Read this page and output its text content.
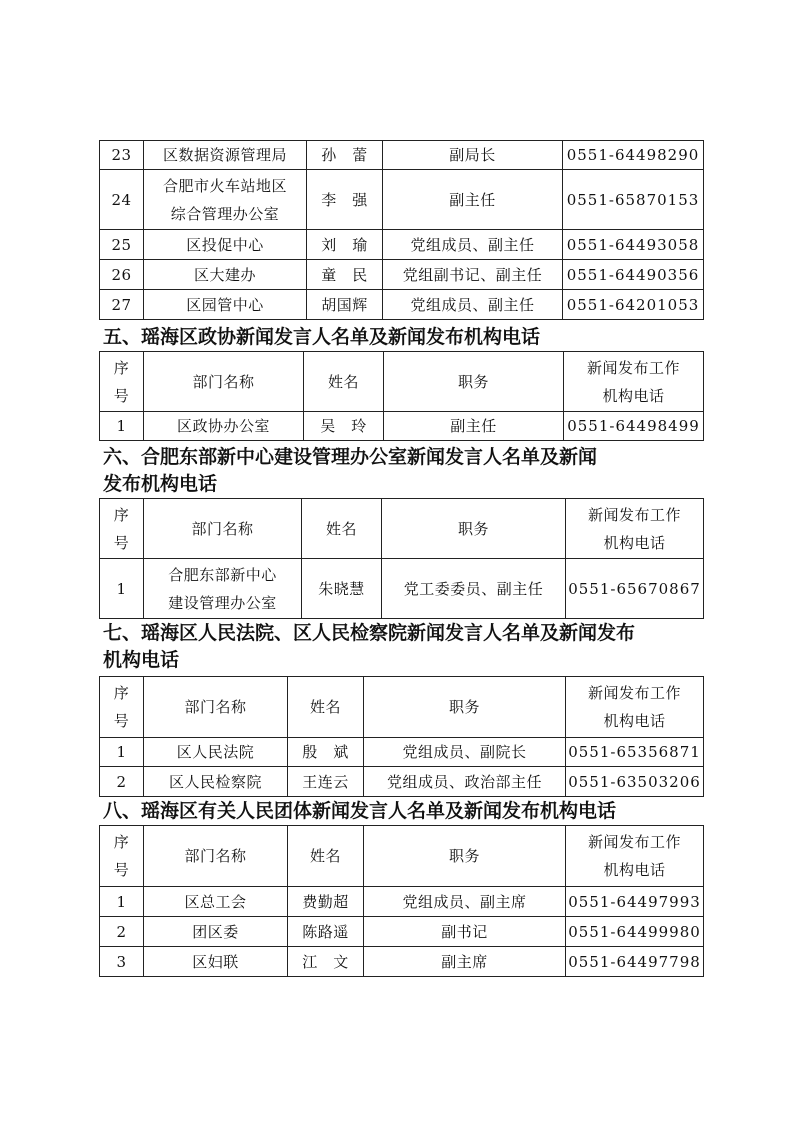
23	区数据资源管理局	孙　蕾	副局长	0551-64498290
24	合肥市火车站地区
综合管理办公室	李　强	副主任	0551-65870153
25	区投促中心	刘　瑜	党组成员、副主任	0551-64493058
26	区大建办	童　民	党组副书记、副主任	0551-64490356
27	区园管中心	胡国辉	党组成员、副主任	0551-64201053
五、瑶海区政协新闻发言人名单及新闻发布机构电话
序
号	部门名称	姓名	职务	新闻发布工作
机构电话

1	区政协办公室	吴　玲	副主任	0551-64498499
六、合肥东部新中心建设管理办公室新闻发言人名单及新闻
发布机构电话
序
号	部门名称	姓名	职务	新闻发布工作
机构电话

1	合肥东部新中心
建设管理办公室	朱晓慧	党工委委员、副主任	0551-65670867
七、瑶海区人民法院、区人民检察院新闻发言人名单及新闻发布
机构电话
序
号	部门名称	姓名	职务	新闻发布工作
机构电话

1	区人民法院	殷　斌	党组成员、副院长	0551-65356871
2	区人民检察院	王连云	党组成员、政治部主任	0551-63503206
八、瑶海区有关人民团体新闻发言人名单及新闻发布机构电话
序
号	部门名称	姓名	职务	新闻发布工作
机构电话

1	区总工会	费勤超	党组成员、副主席	0551-64497993
2	团区委	陈路遥	副书记	0551-64499980
3	区妇联	江　文	副主席	0551-64497798
